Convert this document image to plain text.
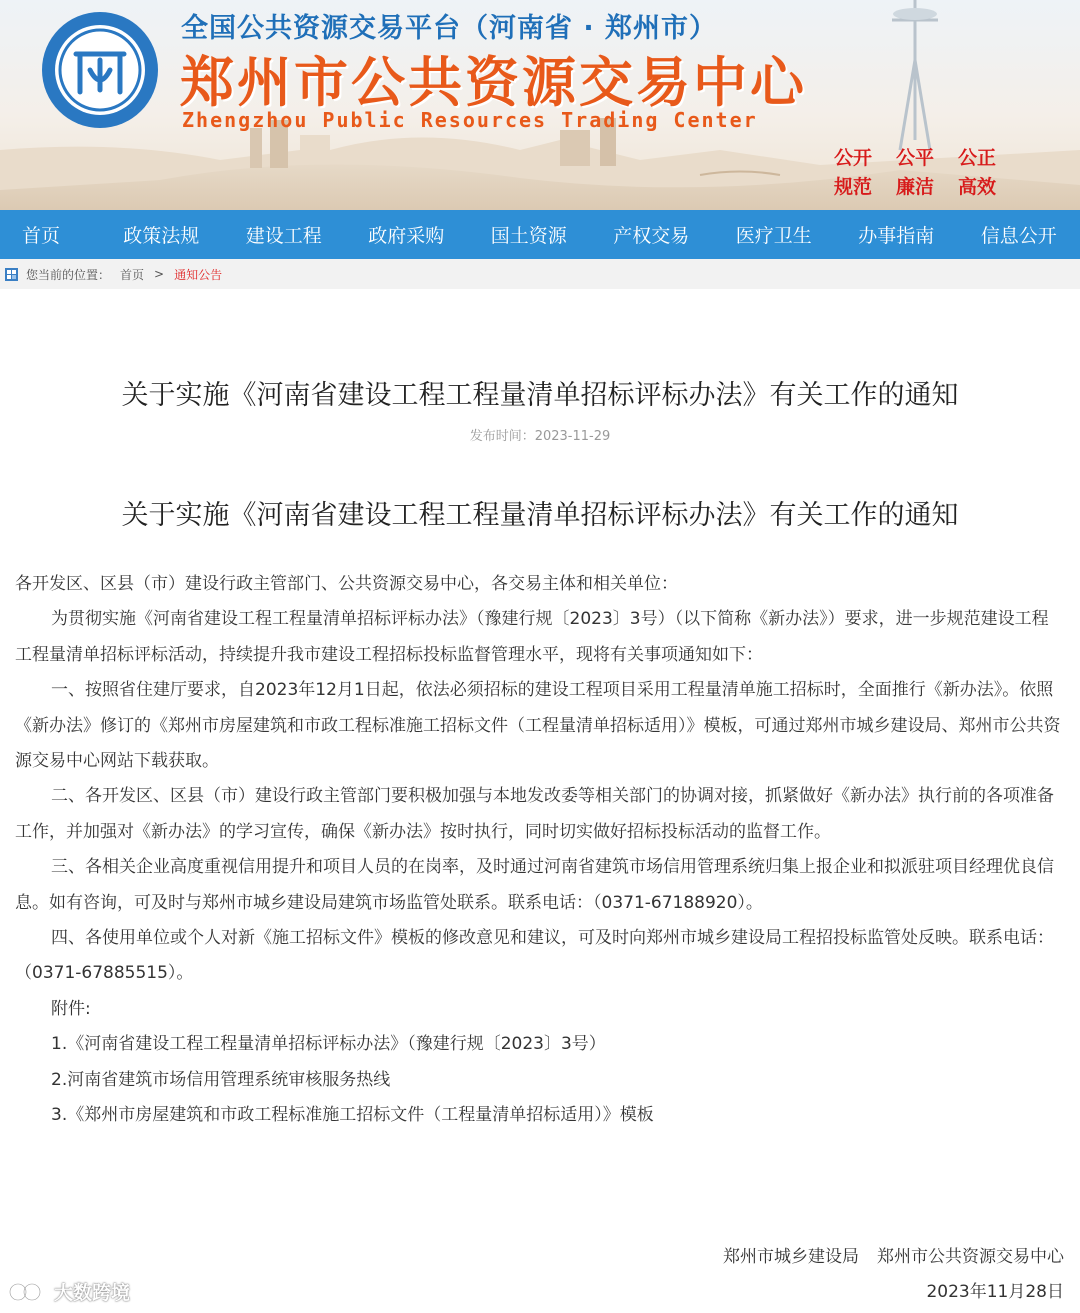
全国公共资源交易平台（河南省 · 郑州市）
郑州市公共资源交易中心
Zhengzhou Public Resources Trading Center
公开	公平	公正
规范	廉洁	高效
首页	政策法规	建设工程	政府采购	国土资源	产权交易	医疗卫生	办事指南	信息公开
您当前的位置： 首页 > 通知公告
关于实施《河南省建设工程工程量清单招标评标办法》有关工作的通知
发布时间：2023-11-29
关于实施《河南省建设工程工程量清单招标评标办法》有关工作的通知

各开发区、区县（市）建设行政主管部门、公共资源交易中心，各交易主体和相关单位：

为贯彻实施《河南省建设工程工程量清单招标评标办法》（豫建行规〔2023〕3号）（以下简称《新办法》）要求，进一步规范建设工程工程量清单招标评标活动，持续提升我市建设工程招标投标监督管理水平，现将有关事项通知如下：

一、按照省住建厅要求，自2023年12月1日起，依法必须招标的建设工程项目采用工程量清单施工招标时，全面推行《新办法》。依照《新办法》修订的《郑州市房屋建筑和市政工程标准施工招标文件（工程量清单招标适用）》模板，可通过郑州市城乡建设局、郑州市公共资源交易中心网站下载获取。

二、各开发区、区县（市）建设行政主管部门要积极加强与本地发改委等相关部门的协调对接，抓紧做好《新办法》执行前的各项准备工作，并加强对《新办法》的学习宣传，确保《新办法》按时执行，同时切实做好招标投标活动的监督工作。

三、各相关企业高度重视信用提升和项目人员的在岗率，及时通过河南省建筑市场信用管理系统归集上报企业和拟派驻项目经理优良信息。如有咨询，可及时与郑州市城乡建设局建筑市场监管处联系。联系电话：（0371-67188920）。

四、各使用单位或个人对新《施工招标文件》模板的修改意见和建议，可及时向郑州市城乡建设局工程招投标监管处反映。联系电话：（0371-67885515）。

附件:

1.《河南省建设工程工程量清单招标评标办法》（豫建行规〔2023〕3号）

2.河南省建筑市场信用管理系统审核服务热线

3.《郑州市房屋建筑和市政工程标准施工招标文件（工程量清单招标适用）》模板

郑州市城乡建设局 郑州市公共资源交易中心
2023年11月28日
大数跨境
